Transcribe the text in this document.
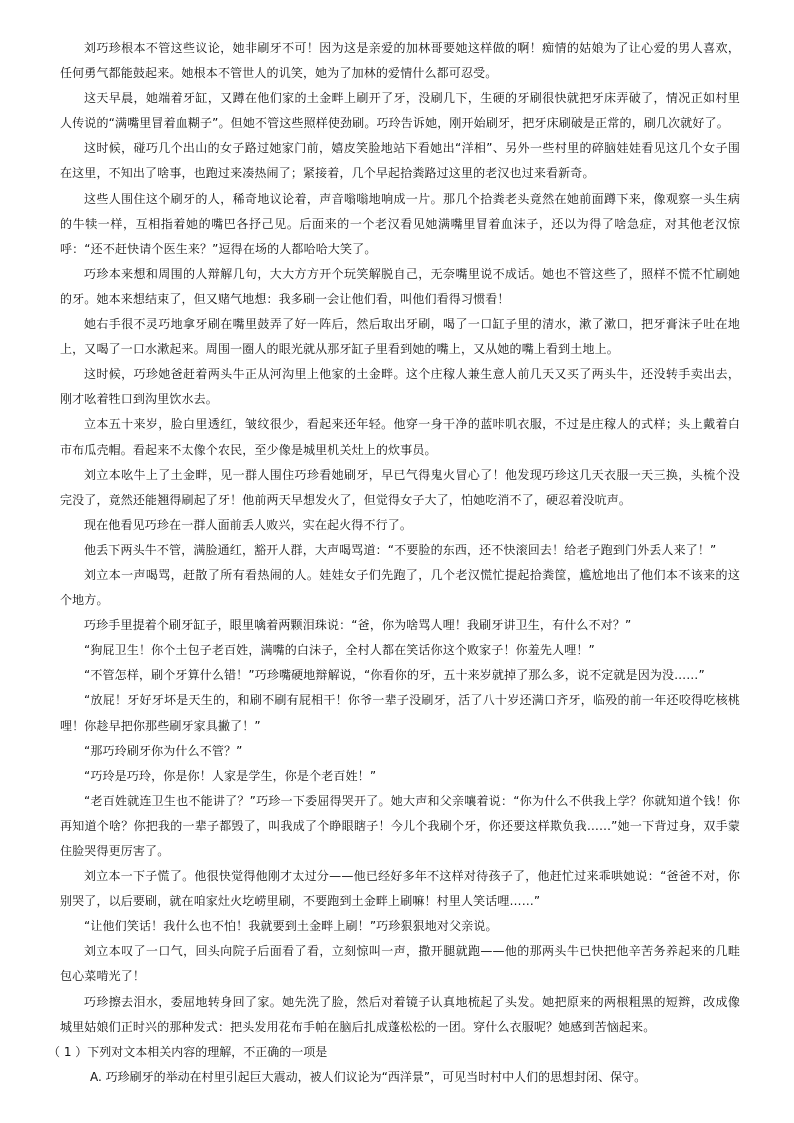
刘巧珍根本不管这些议论，她非刷牙不可！因为这是亲爱的加林哥要她这样做的啊！痴情的姑娘为了让心爱的男人喜欢，任何勇气都能鼓起来。她根本不管世人的讥笑，她为了加林的爱情什么都可忍受。

这天早晨，她端着牙缸，又蹲在他们家的土金畔上刷开了牙，没刷几下，生硬的牙刷很快就把牙床弄破了，情况正如村里人传说的“满嘴里冒着血糊子”。但她不管这些照样使劲刷。巧玲告诉她，刚开始刷牙，把牙床刷破是正常的，刷几次就好了。

这时候，碰巧几个出山的女子路过她家门前，嬉皮笑脸地站下看她出“洋相”、另外一些村里的碎脑娃娃看见这几个女子围在这里，不知出了啥事，也跑过来凑热闹了；紧接着，几个早起拾粪路过这里的老汉也过来看新奇。

这些人围住这个刷牙的人，稀奇地议论着，声音嗡嗡地响成一片。那几个拾粪老头竟然在她前面蹲下来，像观察一头生病的牛犊一样，互相指着她的嘴巴各抒己见。后面来的一个老汉看见她满嘴里冒着血沫子，还以为得了啥急症，对其他老汉惊呼：“还不赶快请个医生来？”逗得在场的人都哈哈大笑了。

巧珍本来想和周围的人辩解几句，大大方方开个玩笑解脱自己，无奈嘴里说不成话。她也不管这些了，照样不慌不忙刷她的牙。她本来想结束了，但又赌气地想：我多刷一会让他们看，叫他们看得习惯看！

她右手很不灵巧地拿牙刷在嘴里鼓弄了好一阵后，然后取出牙刷，喝了一口缸子里的清水，漱了漱口，把牙膏沫子吐在地上，又喝了一口水漱起来。周围一圈人的眼光就从那牙缸子里看到她的嘴上，又从她的嘴上看到土地上。

这时候，巧珍她爸赶着两头牛正从河沟里上他家的土金畔。这个庄稼人兼生意人前几天又买了两头牛，还没转手卖出去，刚才吆着牲口到沟里饮水去。

立本五十来岁，脸白里透红，皱纹很少，看起来还年轻。他穿一身干净的蓝咔叽衣服，不过是庄稼人的式样；头上戴着白市布瓜壳帽。看起来不太像个农民，至少像是城里机关灶上的炊事员。

刘立本吆牛上了土金畔，见一群人围住巧珍看她刷牙，早已气得鬼火冒心了！他发现巧珍这几天衣服一天三换，头梳个没完没了，竟然还能翘得刷起了牙！他前两天早想发火了，但觉得女子大了，怕她吃消不了，硬忍着没吭声。

现在他看见巧珍在一群人面前丢人败兴，实在起火得不行了。

他丢下两头牛不管，满脸通红，豁开人群，大声喝骂道：“不要脸的东西，还不快滚回去！给老子跑到门外丢人来了！”

刘立本一声喝骂，赶散了所有看热闹的人。娃娃女子们先跑了，几个老汉慌忙提起拾粪筐，尴尬地出了他们本不该来的这个地方。

巧珍手里提着个刷牙缸子，眼里噙着两颗泪珠说：“爸，你为啥骂人哩！我刷牙讲卫生，有什么不对？”

“狗屁卫生！你个土包子老百姓，满嘴的白沫子，全村人都在笑话你这个败家子！你羞先人哩！”

“不管怎样，刷个牙算什么错！”巧珍嘴硬地辩解说，“你看你的牙，五十来岁就掉了那么多，说不定就是因为没……”

“放屁！牙好牙坏是天生的，和刷不刷有屁相干！你爷一辈子没刷牙，活了八十岁还满口齐牙，临殁的前一年还咬得吃核桃哩！你趁早把你那些刷牙家具撇了！”

“那巧玲刷牙你为什么不管？”

“巧玲是巧玲，你是你！人家是学生，你是个老百姓！”

“老百姓就连卫生也不能讲了？”巧珍一下委屈得哭开了。她大声和父亲嚷着说：“你为什么不供我上学？你就知道个钱！你再知道个啥？你把我的一辈子都毁了，叫我成了个睁眼瞎子！今儿个我刷个牙，你还要这样欺负我……”她一下背过身，双手蒙住脸哭得更厉害了。

刘立本一下子慌了。他很快觉得他刚才太过分——他已经好多年不这样对待孩子了，他赶忙过来乖哄她说：“爸爸不对，你别哭了，以后要刷，就在咱家灶火圪崂里刷，不要跑到土金畔上刷嘛！村里人笑话哩……”

“让他们笑话！我什么也不怕！我就要到土金畔上刷！”巧珍狠狠地对父亲说。

刘立本叹了一口气，回头向院子后面看了看，立刻惊叫一声，撒开腿就跑——他的那两头牛已快把他辛苦务养起来的几畦包心菜啃光了！

巧珍擦去泪水，委屈地转身回了家。她先洗了脸，然后对着镜子认真地梳起了头发。她把原来的两根粗黑的短辫，改成像城里姑娘们正时兴的那种发式：把头发用花布手帕在脑后扎成蓬松松的一团。穿什么衣服呢？她感到苦恼起来。

（ 1 ）下列对文本相关内容的理解，不正确的一项是

A. 巧珍刷牙的举动在村里引起巨大震动，被人们议论为“西洋景”，可见当时村中人们的思想封闭、保守。
